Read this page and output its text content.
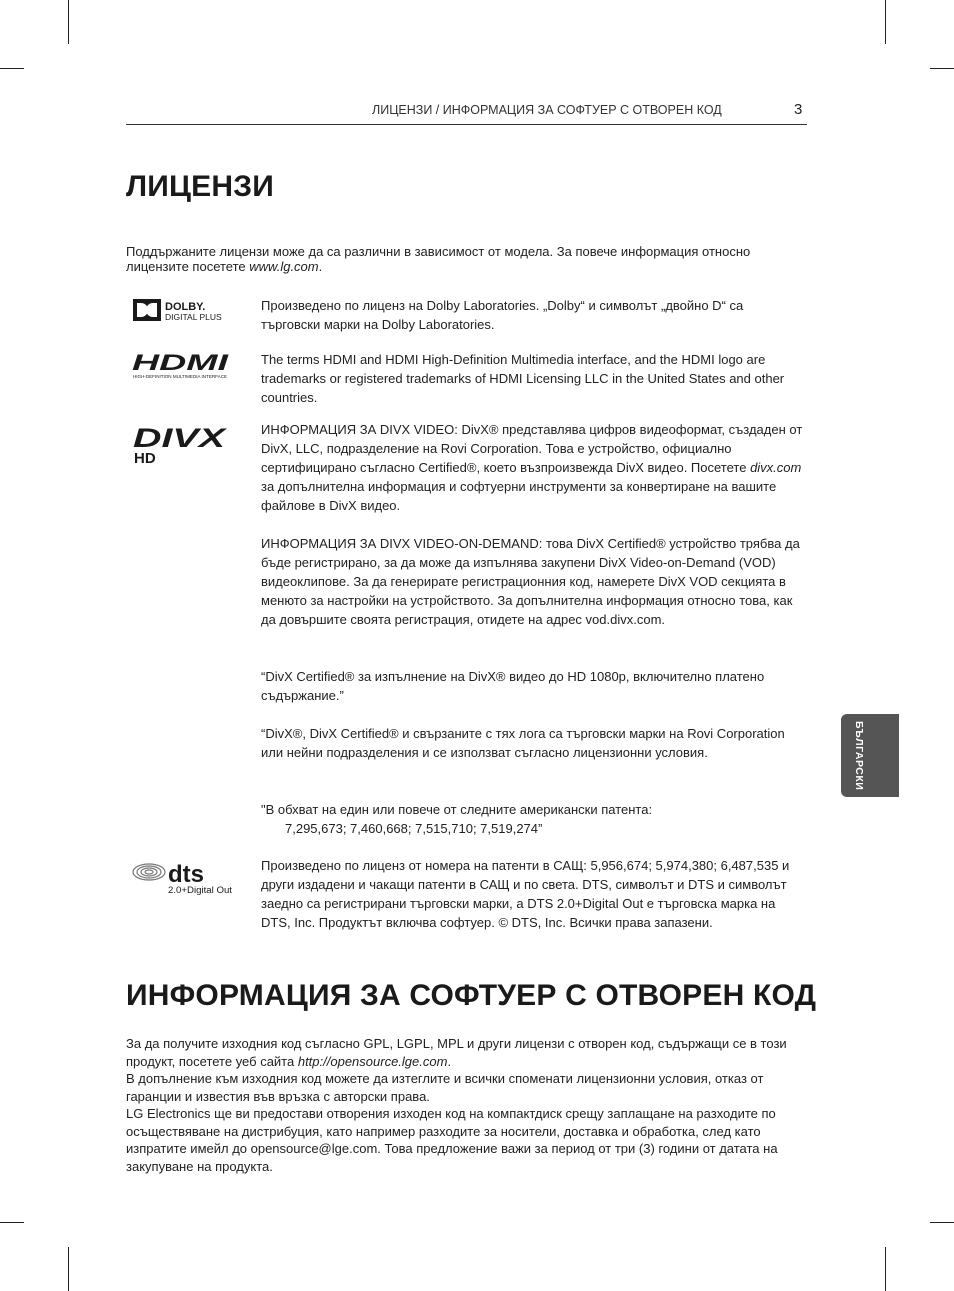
ЛИЦЕНЗИ / ИНФОРМАЦИЯ ЗА СОФТУЕР С ОТВОРЕН КОД	3
БЪЛГАРСКИ
ЛИЦЕНЗИ

Поддържаните лицензи може да са различни в зависимост от модела. За повече информация относно лицензите посетете www.lg.com.

DOLBY.
DIGITAL PLUS

Произведено по лиценз на Dolby Laboratories. „Dolby“ и символът „двойно D“ са търговски марки на Dolby Laboratories.

HDMI
HIGH-DEFINITION MULTIMEDIA INTERFACE

The terms HDMI and HDMI High-Definition Multimedia interface, and the HDMI logo are trademarks or registered trademarks of HDMI Licensing LLC in the United States and other countries.

DIVX
HD

ИНФОРМАЦИЯ ЗА DIVX VIDEO: DivX® представлява цифров видеоформат, създаден от DivX, LLC, подразделение на Rovi Corporation. Това е устройство, официално сертифицирано съгласно Certified®, което възпроизвежда DivX видео. Посетете divx.com за допълнителна информация и софтуерни инструменти за конвертиране на вашите файлове в DivX видео.

ИНФОРМАЦИЯ ЗА DIVX VIDEO-ON-DEMAND: това DivX Certified® устройство трябва да бъде регистрирано, за да може да изпълнява закупени DivX Video-on-Demand (VOD) видеоклипове. За да генерирате регистрационния код, намерете DivX VOD секцията в менюто за настройки на устройството. За допълнителна информация относно това, как да довършите своята регистрация, отидете на адрес vod.divx.com.

“DivX Certified® за изпълнение на DivX® видео до HD 1080p, включително платено съдържание.”

“DivX®, DivX Certified® и свързаните с тях лога са търговски марки на Rovi Corporation или нейни подразделения и се използват съгласно лицензионни условия.

"В обхват на един или повече от следните американски патента:

7,295,673; 7,460,668; 7,515,710; 7,519,274”

dts
2.0+Digital Out

Произведено по лиценз от номера на патенти в САЩ: 5,956,674; 5,974,380; 6,487,535 и други издадени и чакащи патенти в САЩ и по света. DTS, символът и DTS и символът заедно са регистрирани търговски марки, а DTS 2.0+Digital Out е търговска марка на DTS, Inc. Продуктът включва софтуер. © DTS, Inc. Всички права запазени.

ИНФОРМАЦИЯ ЗА СОФТУЕР С ОТВОРЕН КОД

За да получите изходния код съгласно GPL, LGPL, MPL и други лицензи с отворен код, съдържащи се в този продукт, посетете уеб сайта http://opensource.lge.com.

В допълнение към изходния код можете да изтеглите и всички споменати лицензионни условия, отказ от гаранции и известия във връзка с авторски права.

LG Electronics ще ви предостави отворения изходен код на компактдиск срещу заплащане на разходите по осъществяване на дистрибуция, като например разходите за носители, доставка и обработка, след като изпратите имейл до opensource@lge.com. Това предложение важи за период от три (3) години от датата на закупуване на продукта.
